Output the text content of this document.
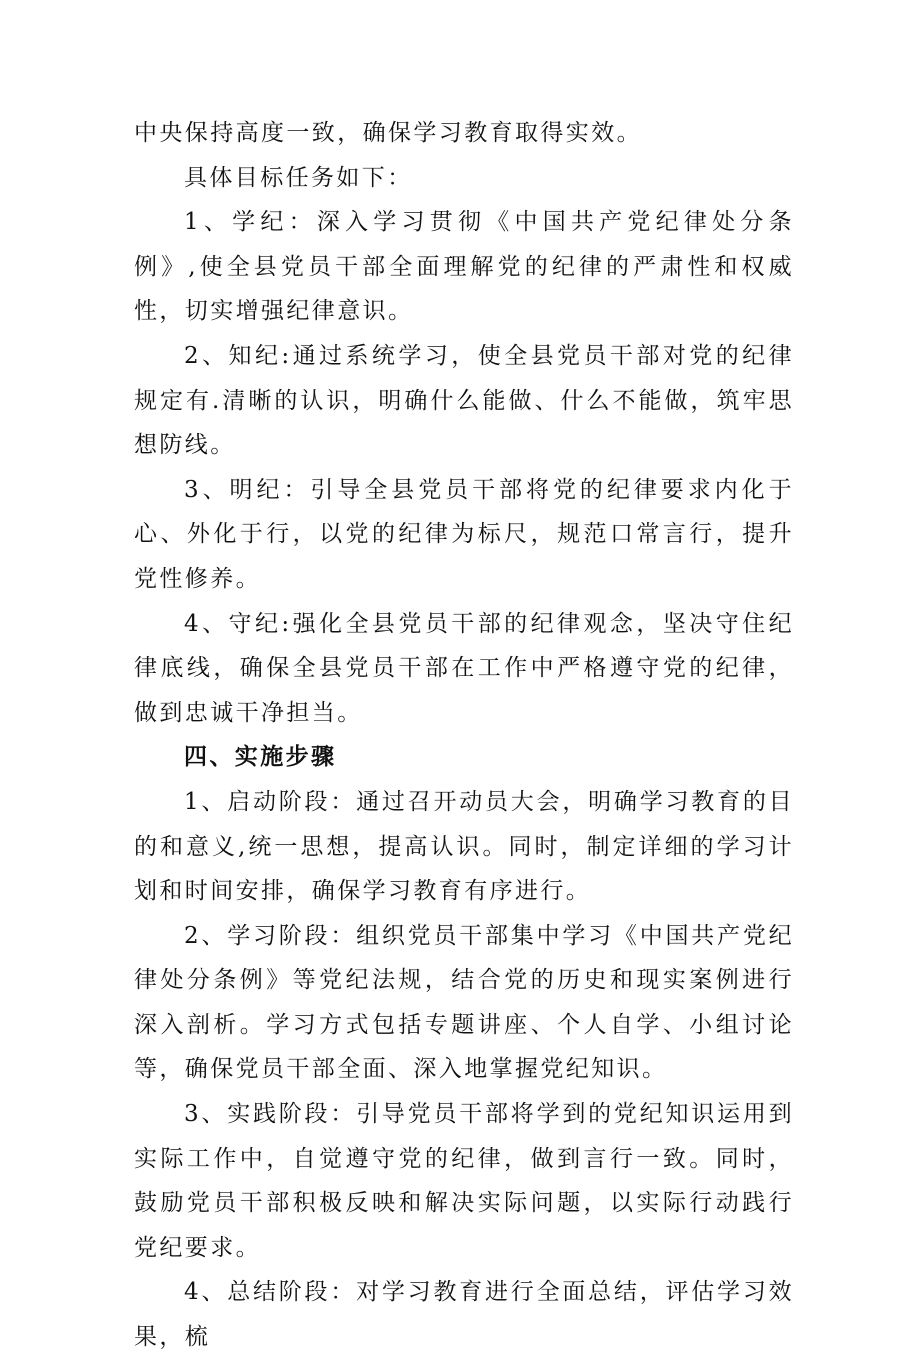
中央保持高度一致，确保学习教育取得实效。

具体目标任务如下：

1、学纪：深入学习贯彻《中国共产党纪律处分条例》,使全县党员干部全面理解党的纪律的严肃性和权威性，切实增强纪律意识。

2、知纪:通过系统学习，使全县党员干部对党的纪律规定有.清晰的认识，明确什么能做、什么不能做，筑牢思想防线。

3、明纪：引导全县党员干部将党的纪律要求内化于心、外化于行，以党的纪律为标尺，规范口常言行，提升党性修养。

4、守纪:强化全县党员干部的纪律观念，坚决守住纪律底线，确保全县党员干部在工作中严格遵守党的纪律，做到忠诚干净担当。

四、实施步骤

1、启动阶段：通过召开动员大会，明确学习教育的目的和意义,统一思想，提高认识。同时，制定详细的学习计划和时间安排，确保学习教育有序进行。

2、学习阶段：组织党员干部集中学习《中国共产党纪律处分条例》等党纪法规，结合党的历史和现实案例进行深入剖析。学习方式包括专题讲座、个人自学、小组讨论等，确保党员干部全面、深入地掌握党纪知识。

3、实践阶段：引导党员干部将学到的党纪知识运用到实际工作中，自觉遵守党的纪律，做到言行一致。同时，鼓励党员干部积极反映和解决实际问题，以实际行动践行党纪要求。

4、总结阶段：对学习教育进行全面总结，评估学习效果，梳
